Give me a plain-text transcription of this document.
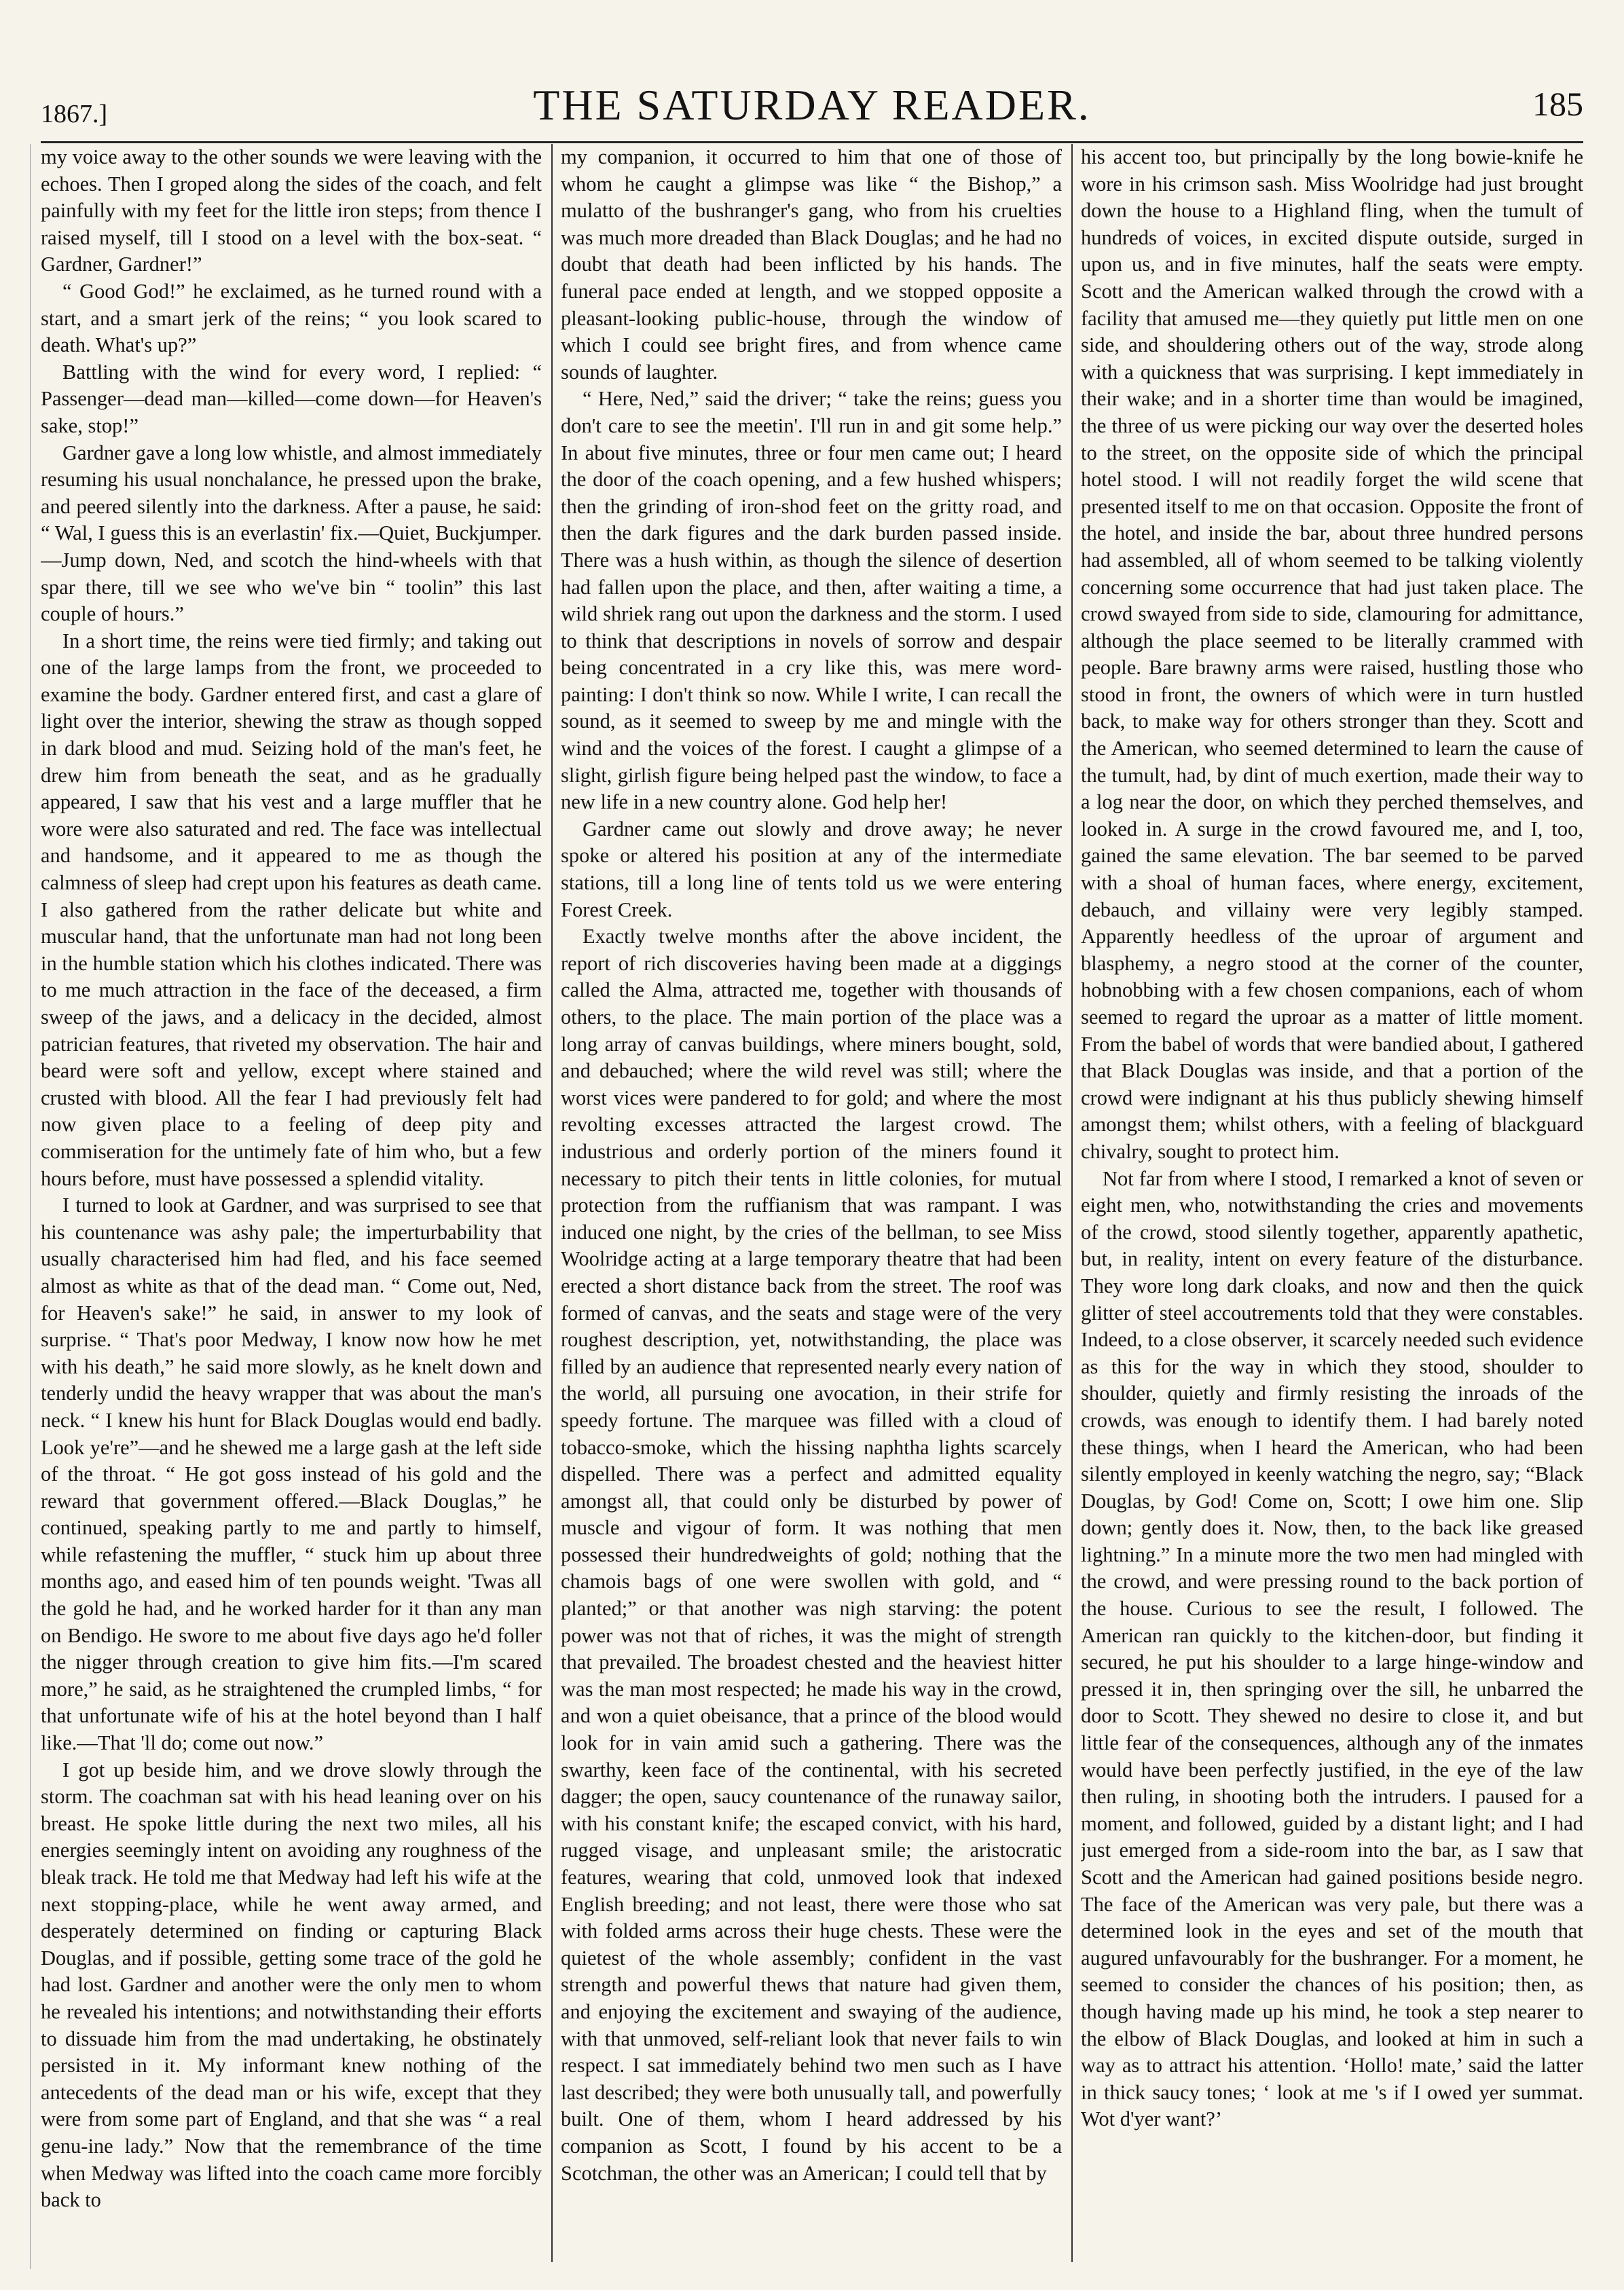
1867.]	THE SATURDAY READER.	185

my voice away to the other sounds we were leaving with the echoes. Then I groped along the sides of the coach, and felt painfully with my feet for the little iron steps; from thence I raised myself, till I stood on a level with the box-seat. “ Gardner, Gardner!”

“ Good God!” he exclaimed, as he turned round with a start, and a smart jerk of the reins; “ you look scared to death. What's up?”

Battling with the wind for every word, I replied: “ Passenger—dead man—killed—come down—for Heaven's sake, stop!”

Gardner gave a long low whistle, and almost immediately resuming his usual nonchalance, he pressed upon the brake, and peered silently into the darkness. After a pause, he said: “ Wal, I guess this is an everlastin' fix.—Quiet, Buckjumper.—Jump down, Ned, and scotch the hind-wheels with that spar there, till we see who we've bin “ toolin” this last couple of hours.”

In a short time, the reins were tied firmly; and taking out one of the large lamps from the front, we proceeded to examine the body. Gardner entered first, and cast a glare of light over the interior, shewing the straw as though sopped in dark blood and mud. Seizing hold of the man's feet, he drew him from beneath the seat, and as he gradually appeared, I saw that his vest and a large muffler that he wore were also saturated and red. The face was intellectual and handsome, and it appeared to me as though the calmness of sleep had crept upon his features as death came. I also gathered from the rather delicate but white and muscular hand, that the unfortunate man had not long been in the humble station which his clothes indicated. There was to me much attraction in the face of the deceased, a firm sweep of the jaws, and a delicacy in the decided, almost patrician features, that riveted my observation. The hair and beard were soft and yellow, except where stained and crusted with blood. All the fear I had previously felt had now given place to a feeling of deep pity and commiseration for the untimely fate of him who, but a few hours before, must have possessed a splendid vitality.

I turned to look at Gardner, and was surprised to see that his countenance was ashy pale; the imperturbability that usually characterised him had fled, and his face seemed almost as white as that of the dead man. “ Come out, Ned, for Heaven's sake!” he said, in answer to my look of surprise. “ That's poor Medway, I know now how he met with his death,” he said more slowly, as he knelt down and tenderly undid the heavy wrapper that was about the man's neck. “ I knew his hunt for Black Douglas would end badly. Look ye're”—and he shewed me a large gash at the left side of the throat. “ He got goss instead of his gold and the reward that government offered.—Black Douglas,” he continued, speaking partly to me and partly to himself, while refastening the muffler, “ stuck him up about three months ago, and eased him of ten pounds weight. 'Twas all the gold he had, and he worked harder for it than any man on Bendigo. He swore to me about five days ago he'd foller the nigger through creation to give him fits.—I'm scared more,” he said, as he straightened the crumpled limbs, “ for that unfortunate wife of his at the hotel beyond than I half like.—That 'll do; come out now.”

I got up beside him, and we drove slowly through the storm. The coachman sat with his head leaning over on his breast. He spoke little during the next two miles, all his energies seemingly intent on avoiding any roughness of the bleak track. He told me that Medway had left his wife at the next stopping-place, while he went away armed, and desperately determined on finding or capturing Black Douglas, and if possible, getting some trace of the gold he had lost. Gardner and another were the only men to whom he revealed his intentions; and notwithstanding their efforts to dissuade him from the mad undertaking, he obstinately persisted in it. My informant knew nothing of the antecedents of the dead man or his wife, except that they were from some part of England, and that she was “ a real genu-ine lady.” Now that the remembrance of the time when Medway was lifted into the coach came more forcibly back to

my companion, it occurred to him that one of those of whom he caught a glimpse was like “ the Bishop,” a mulatto of the bushranger's gang, who from his cruelties was much more dreaded than Black Douglas; and he had no doubt that death had been inflicted by his hands. The funeral pace ended at length, and we stopped opposite a pleasant-looking public-house, through the window of which I could see bright fires, and from whence came sounds of laughter.

“ Here, Ned,” said the driver; “ take the reins; guess you don't care to see the meetin'. I'll run in and git some help.” In about five minutes, three or four men came out; I heard the door of the coach opening, and a few hushed whispers; then the grinding of iron-shod feet on the gritty road, and then the dark figures and the dark burden passed inside. There was a hush within, as though the silence of desertion had fallen upon the place, and then, after waiting a time, a wild shriek rang out upon the darkness and the storm. I used to think that descriptions in novels of sorrow and despair being concentrated in a cry like this, was mere word-painting: I don't think so now. While I write, I can recall the sound, as it seemed to sweep by me and mingle with the wind and the voices of the forest. I caught a glimpse of a slight, girlish figure being helped past the window, to face a new life in a new country alone. God help her!

Gardner came out slowly and drove away; he never spoke or altered his position at any of the intermediate stations, till a long line of tents told us we were entering Forest Creek.

Exactly twelve months after the above incident, the report of rich discoveries having been made at a diggings called the Alma, attracted me, together with thousands of others, to the place. The main portion of the place was a long array of canvas buildings, where miners bought, sold, and debauched; where the wild revel was still; where the worst vices were pandered to for gold; and where the most revolting excesses attracted the largest crowd. The industrious and orderly portion of the miners found it necessary to pitch their tents in little colonies, for mutual protection from the ruffianism that was rampant. I was induced one night, by the cries of the bellman, to see Miss Woolridge acting at a large temporary theatre that had been erected a short distance back from the street. The roof was formed of canvas, and the seats and stage were of the very roughest description, yet, notwithstanding, the place was filled by an audience that represented nearly every nation of the world, all pursuing one avocation, in their strife for speedy fortune. The marquee was filled with a cloud of tobacco-smoke, which the hissing naphtha lights scarcely dispelled. There was a perfect and admitted equality amongst all, that could only be disturbed by power of muscle and vigour of form. It was nothing that men possessed their hundredweights of gold; nothing that the chamois bags of one were swollen with gold, and “ planted;” or that another was nigh starving: the potent power was not that of riches, it was the might of strength that prevailed. The broadest chested and the heaviest hitter was the man most respected; he made his way in the crowd, and won a quiet obeisance, that a prince of the blood would look for in vain amid such a gathering. There was the swarthy, keen face of the continental, with his secreted dagger; the open, saucy countenance of the runaway sailor, with his constant knife; the escaped convict, with his hard, rugged visage, and unpleasant smile; the aristocratic features, wearing that cold, unmoved look that indexed English breeding; and not least, there were those who sat with folded arms across their huge chests. These were the quietest of the whole assembly; confident in the vast strength and powerful thews that nature had given them, and enjoying the excitement and swaying of the audience, with that unmoved, self-reliant look that never fails to win respect. I sat immediately behind two men such as I have last described; they were both unusually tall, and powerfully built. One of them, whom I heard addressed by his companion as Scott, I found by his accent to be a Scotchman, the other was an American; I could tell that by

his accent too, but principally by the long bowie-knife he wore in his crimson sash. Miss Woolridge had just brought down the house to a Highland fling, when the tumult of hundreds of voices, in excited dispute outside, surged in upon us, and in five minutes, half the seats were empty. Scott and the American walked through the crowd with a facility that amused me—they quietly put little men on one side, and shouldering others out of the way, strode along with a quickness that was surprising. I kept immediately in their wake; and in a shorter time than would be imagined, the three of us were picking our way over the deserted holes to the street, on the opposite side of which the principal hotel stood. I will not readily forget the wild scene that presented itself to me on that occasion. Opposite the front of the hotel, and inside the bar, about three hundred persons had assembled, all of whom seemed to be talking violently concerning some occurrence that had just taken place. The crowd swayed from side to side, clamouring for admittance, although the place seemed to be literally crammed with people. Bare brawny arms were raised, hustling those who stood in front, the owners of which were in turn hustled back, to make way for others stronger than they. Scott and the American, who seemed determined to learn the cause of the tumult, had, by dint of much exertion, made their way to a log near the door, on which they perched themselves, and looked in. A surge in the crowd favoured me, and I, too, gained the same elevation. The bar seemed to be parved with a shoal of human faces, where energy, excitement, debauch, and villainy were very legibly stamped. Apparently heedless of the uproar of argument and blasphemy, a negro stood at the corner of the counter, hobnobbing with a few chosen companions, each of whom seemed to regard the uproar as a matter of little moment. From the babel of words that were bandied about, I gathered that Black Douglas was inside, and that a portion of the crowd were indignant at his thus publicly shewing himself amongst them; whilst others, with a feeling of blackguard chivalry, sought to protect him.

Not far from where I stood, I remarked a knot of seven or eight men, who, notwithstanding the cries and movements of the crowd, stood silently together, apparently apathetic, but, in reality, intent on every feature of the disturbance. They wore long dark cloaks, and now and then the quick glitter of steel accoutrements told that they were constables. Indeed, to a close observer, it scarcely needed such evidence as this for the way in which they stood, shoulder to shoulder, quietly and firmly resisting the inroads of the crowds, was enough to identify them. I had barely noted these things, when I heard the American, who had been silently employed in keenly watching the negro, say; “Black Douglas, by God! Come on, Scott; I owe him one. Slip down; gently does it. Now, then, to the back like greased lightning.” In a minute more the two men had mingled with the crowd, and were pressing round to the back portion of the house. Curious to see the result, I followed. The American ran quickly to the kitchen-door, but finding it secured, he put his shoulder to a large hinge-window and pressed it in, then springing over the sill, he unbarred the door to Scott. They shewed no desire to close it, and but little fear of the consequences, although any of the inmates would have been perfectly justified, in the eye of the law then ruling, in shooting both the intruders. I paused for a moment, and followed, guided by a distant light; and I had just emerged from a side-room into the bar, as I saw that Scott and the American had gained positions beside negro. The face of the American was very pale, but there was a determined look in the eyes and set of the mouth that augured unfavourably for the bushranger. For a moment, he seemed to consider the chances of his position; then, as though having made up his mind, he took a step nearer to the elbow of Black Douglas, and looked at him in such a way as to attract his attention. ‘Hollo! mate,’ said the latter in thick saucy tones; ‘ look at me 's if I owed yer summat. Wot d'yer want?’
